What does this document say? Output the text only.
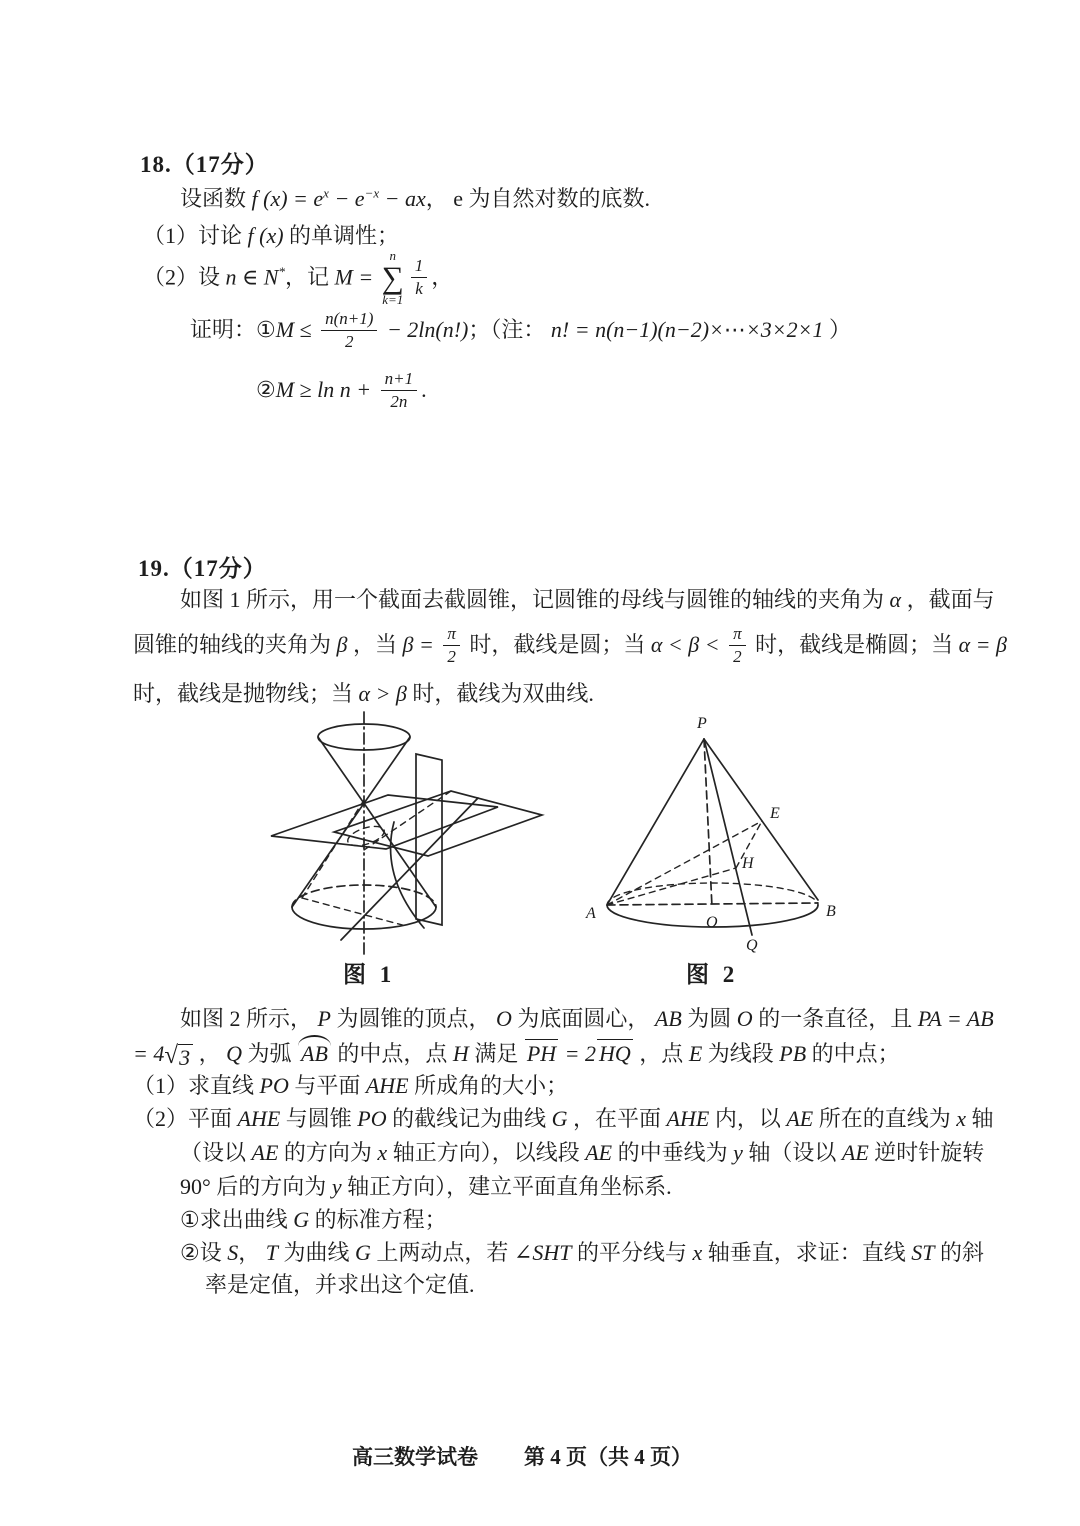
18.（17分）
设函数 f $(x) = e^x - e^{-x}$ − ax， e 为自然对数的底数.
（1）讨论 f (x) 的单调性；
（2）设 n ∈ N*，记 M =
n
∑
k=1
$\frac{1}{k}$ ，
证明：①M ≤ $\frac{n(n+1)}{2} - 2\ln(n!)$；（注： n! = n(n−1)(n−2)×⋯×3×2×1 ）
②M ≥ $\ln n + \frac{n+1}{2n}$ .
19.（17分）
如图 1 所示，用一个截面去截圆锥，记圆锥的母线与圆锥的轴线的夹角为 α ，截面与
圆锥的轴线的夹角为 β ，当 $\beta = \frac{\pi}{2}$ 时，截线是圆；当 $\alpha < \beta < \frac{\pi}{2}$ 时，截线是椭圆；当 α = β
时，截线是抛物线；当 α > β 时，截线为双曲线.
图 1
P
E
H
A
O
B
Q
图 2
如图 2 所示， P 为圆锥的顶点， O 为底面圆心， AB 为圆 O 的一条直径，且 PA = AB
= 4 √ 3 ， Q 为弧 AB 的中点，点 H 满足 PH = 2 HQ ，点 E 为线段 PB 的中点；
（1）求直线 PO 与平面 AHE 所成角的大小；
（2）平面 AHE 与圆锥 PO 的截线记为曲线 G ，在平面 AHE 内，以 AE 所在的直线为 x 轴
（设以 AE 的方向为 x 轴正方向），以线段 AE 的中垂线为 y 轴（设以 AE 逆时针旋转
90° 后的方向为 y 轴正方向），建立平面直角坐标系.
①求出曲线 G 的标准方程；
②设 S， T 为曲线 G 上两动点，若 ∠SHT 的平分线与 x 轴垂直，求证：直线 ST 的斜
率是定值，并求出这个定值.
高三数学试卷 第 4 页（共 4 页）
